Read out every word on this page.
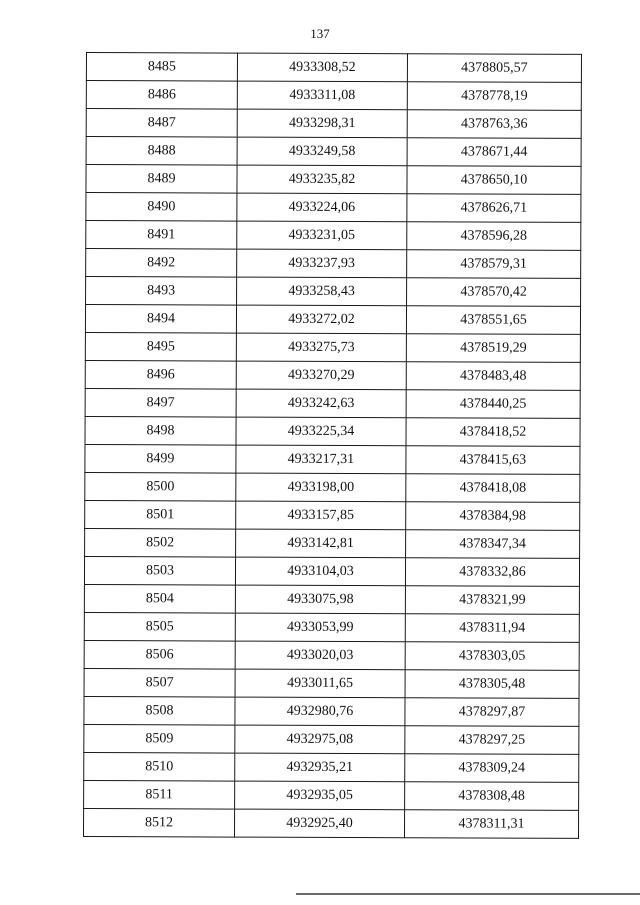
137
8485	4933308,52	4378805,57
8486	4933311,08	4378778,19
8487	4933298,31	4378763,36
8488	4933249,58	4378671,44
8489	4933235,82	4378650,10
8490	4933224,06	4378626,71
8491	4933231,05	4378596,28
8492	4933237,93	4378579,31
8493	4933258,43	4378570,42
8494	4933272,02	4378551,65
8495	4933275,73	4378519,29
8496	4933270,29	4378483,48
8497	4933242,63	4378440,25
8498	4933225,34	4378418,52
8499	4933217,31	4378415,63
8500	4933198,00	4378418,08
8501	4933157,85	4378384,98
8502	4933142,81	4378347,34
8503	4933104,03	4378332,86
8504	4933075,98	4378321,99
8505	4933053,99	4378311,94
8506	4933020,03	4378303,05
8507	4933011,65	4378305,48
8508	4932980,76	4378297,87
8509	4932975,08	4378297,25
8510	4932935,21	4378309,24
8511	4932935,05	4378308,48
8512	4932925,40	4378311,31
